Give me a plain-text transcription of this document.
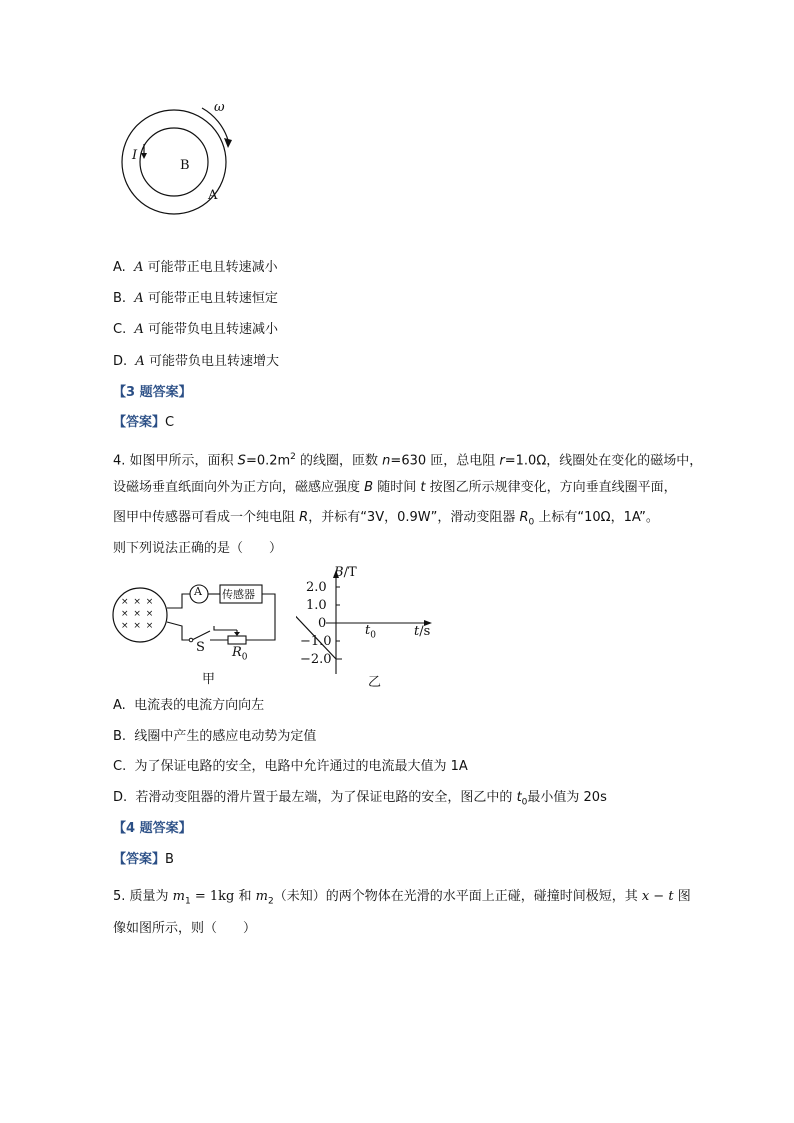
ω
I
B
A
A. A 可能带正电且转速减小
B. A 可能带正电且转速恒定
C. A 可能带负电且转速减小
D. A 可能带负电且转速增大
【3 题答案】
【答案】C
4. 如图甲所示，面积 $S=0.2m^2$ 的线圈，匝数 n=630 匝，总电阻 r=1.0Ω，线圈处在变化的磁场中，
设磁场垂直纸面向外为正方向，磁感应强度 B 随时间 t 按图乙所示规律变化，方向垂直线圈平面，
图甲中传感器可看成一个纯电阻 R，并标有“3V，0.9W”，滑动变阻器 $R_0$ 上标有“10Ω，1A”。
则下列说法正确的是（　　）
A 传感器
× × ×
× × ×
× × ×
S $R_0$
甲
B/T
t/s
2.0
1.0
0
−1.0
−2.0
$t_0$
乙
A. 电流表的电流方向向左
B. 线圈中产生的感应电动势为定值
C. 为了保证电路的安全，电路中允许通过的电流最大值为 1A
D. 若滑动变阻器的滑片置于最左端，为了保证电路的安全，图乙中的 $t_0$最小值为 20s
【4 题答案】
【答案】B
5. 质量为 $m_1 = 1kg$ 和 $m_2$（未知）的两个物体在光滑的水平面上正碰，碰撞时间极短，其 x − t 图
像如图所示，则（　　）
